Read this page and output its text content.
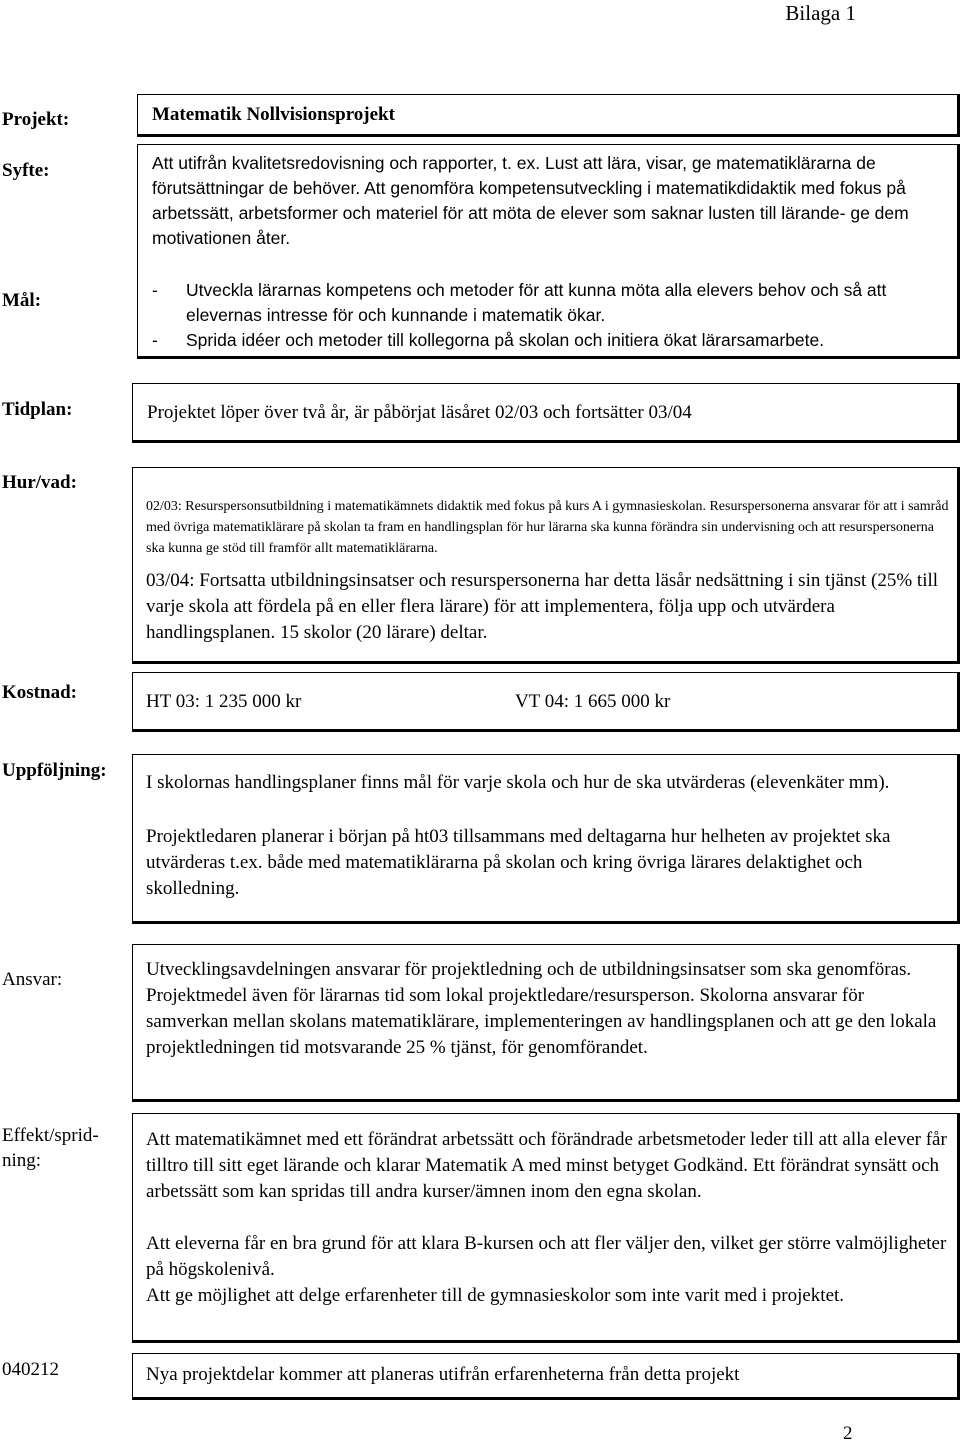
Bilaga 1
Projekt:
Syfte:
Mål:
Tidplan:
Hur/vad:
Kostnad:
Uppföljning:
Ansvar:
Effekt/sprid-
ning:
040212
Matematik Nollvisionsprojekt

Att utifrån kvalitetsredovisning och rapporter, t. ex. Lust att lära, visar, ge matematiklärarna de förutsättningar de behöver. Att genomföra kompetensutveckling i matematikdidaktik med fokus på arbetssätt, arbetsformer och materiel för att möta de elever som saknar lusten till lärande- ge dem motivationen åter.

- Utveckla lärarnas kompetens och metoder för att kunna möta alla elevers behov och så att elevernas intresse för och kunnande i matematik ökar.
- Sprida idéer och metoder till kollegorna på skolan och initiera ökat lärarsamarbete.
Projektet löper över två år, är påbörjat läsåret 02/03 och fortsätter 03/04

02/03: Resurspersonsutbildning i matematikämnets didaktik med fokus på kurs A i gymnasieskolan. Resurspersonerna ansvarar för att i samråd med övriga matematiklärare på skolan ta fram en handlingsplan för hur lärarna ska kunna förändra sin undervisning och att resurspersonerna ska kunna ge stöd till framför allt matematiklärarna.

03/04: Fortsatta utbildningsinsatser och resurspersonerna har detta läsår nedsättning i sin tjänst (25% till varje skola att fördela på en eller flera lärare) för att implementera, följa upp och utvärdera handlingsplanen. 15 skolor (20 lärare) deltar.

HT 03: 1 235 000 kr	VT 04: 1 665 000 kr

I skolornas handlingsplaner finns mål för varje skola och hur de ska utvärderas (elevenkäter mm).

Projektledaren planerar i början på ht03 tillsammans med deltagarna hur helheten av projektet ska utvärderas t.ex. både med matematiklärarna på skolan och kring övriga lärares delaktighet och skolledning.

Utvecklingsavdelningen ansvarar för projektledning och de utbildningsinsatser som ska genomföras. Projektmedel även för lärarnas tid som lokal projektledare/resursperson. Skolorna ansvarar för samverkan mellan skolans matematiklärare, implementeringen av handlingsplanen och att ge den lokala projektledningen tid motsvarande 25 % tjänst, för genomförandet.

Att matematikämnet med ett förändrat arbetssätt och förändrade arbetsmetoder leder till att alla elever får tilltro till sitt eget lärande och klarar Matematik A med minst betyget Godkänd. Ett förändrat synsätt och arbetssätt som kan spridas till andra kurser/ämnen inom den egna skolan.

Att eleverna får en bra grund för att klara B-kursen och att fler väljer den, vilket ger större valmöjligheter på högskolenivå.

Att ge möjlighet att delge erfarenheter till de gymnasieskolor som inte varit med i projektet.

Nya projektdelar kommer att planeras utifrån erfarenheterna från detta projekt
2
